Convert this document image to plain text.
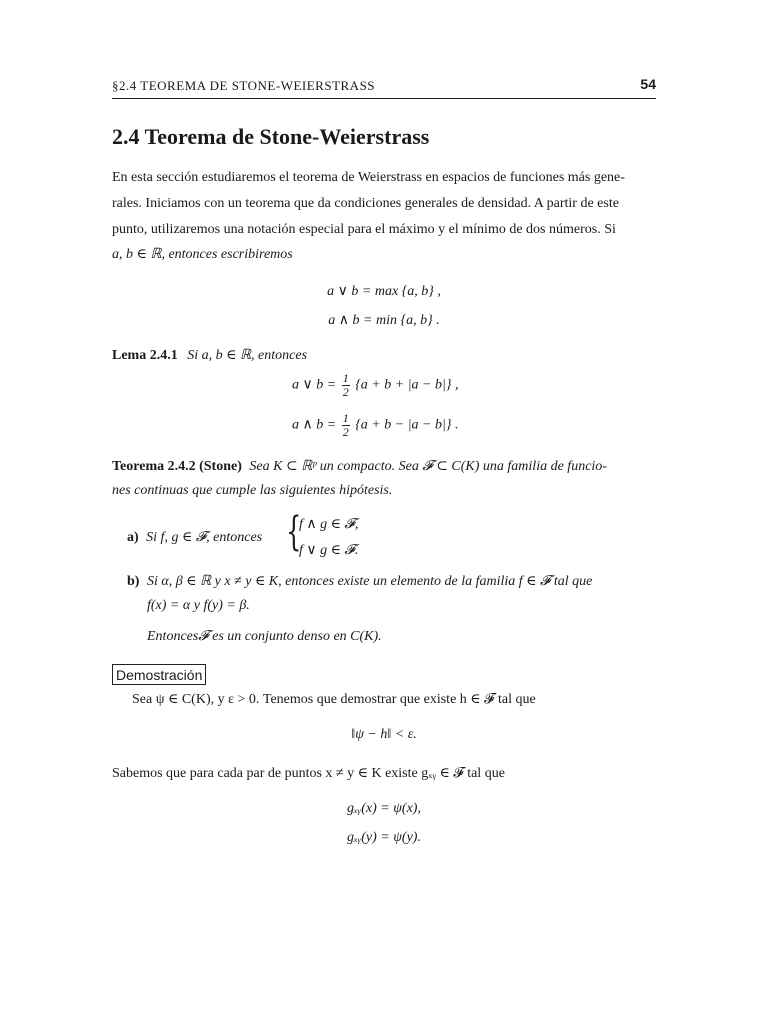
§2.4 TEOREMA DE STONE-WEIERSTRASS	54
2.4 Teorema de Stone-Weierstrass
En esta sección estudiaremos el teorema de Weierstrass en espacios de funciones más gene-
rales. Iniciamos con un teorema que da condiciones generales de densidad. A partir de este
punto, utilizaremos una notación especial para el máximo y el mínimo de dos números. Si
a, b ∈ ℝ, entonces escribiremos
a ∨ b = max {a, b} ,
a ∧ b = min {a, b} .
Lema 2.4.1 Si a, b ∈ ℝ, entonces
a ∨ $b = \frac{1}{2} \{a + b + |a - b|\}$ ,
a ∧ $b = \frac{1}{2} \{a + b - |a - b|\}$ .
Teorema 2.4.2 (Stone) Sea K ⊂ ℝᵖ un compacto. Sea 𝓕 ⊂ C(K) una familia de funcio-
nes continuas que cumple las siguientes hipótesis.
a) Si f, g ∈ 𝓕, entonces {
f ∧ g ∈ 𝓕,
f ∨ g ∈ 𝓕.
b) Si α, β ∈ ℝ y x ≠ y ∈ K, entonces existe un elemento de la familia f ∈ 𝓕 tal que
f(x) = α y f(y) = β.
Entonces𝓕 es un conjunto denso en C(K).
Demostración
Sea ψ ∈ C(K), y ε > 0. Tenemos que demostrar que existe h ∈ 𝓕 tal que
‖ψ − h‖ < ε.
Sabemos que para cada par de puntos x ≠ y ∈ K existe gₓᵧ ∈ 𝓕 tal que
gₓᵧ(x) = ψ(x),
gₓᵧ(y) = ψ(y).
